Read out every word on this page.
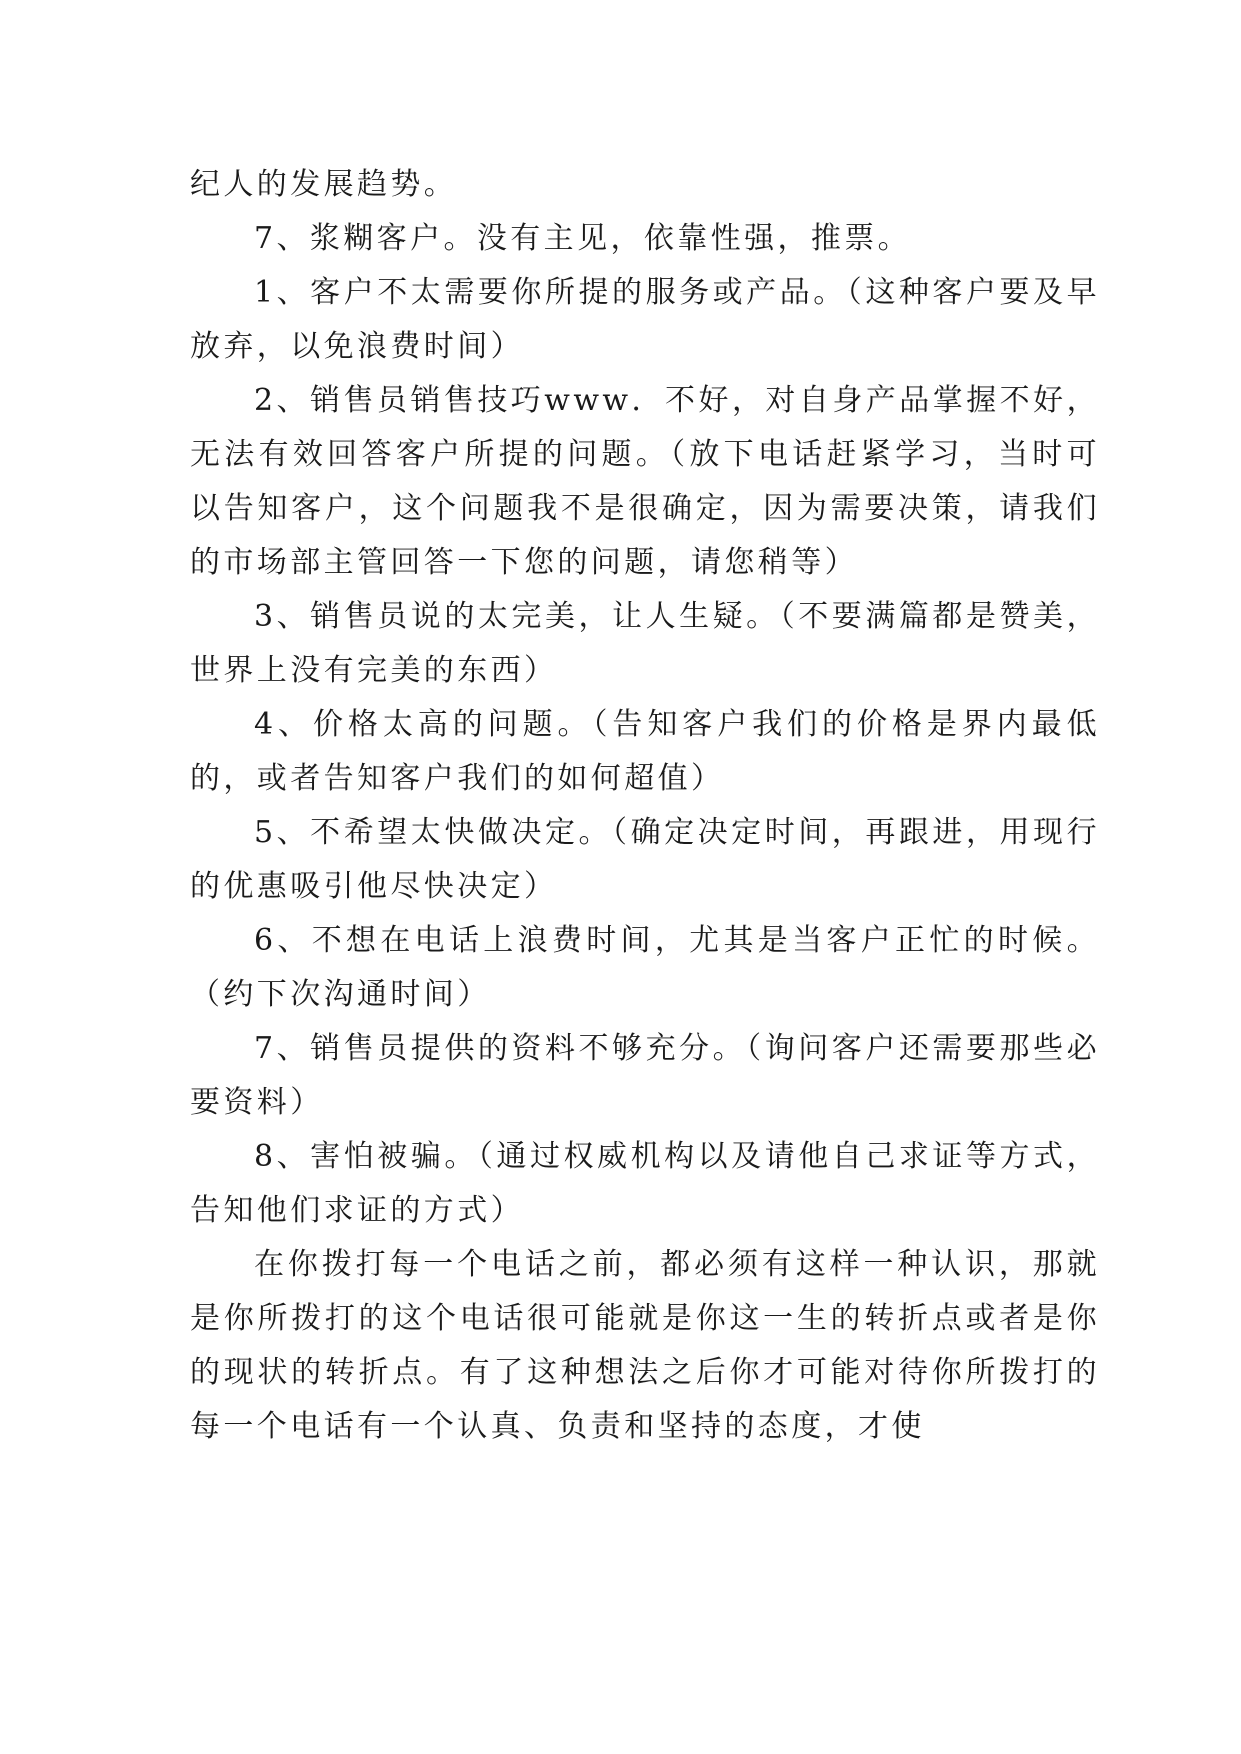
纪人的发展趋势。

7、浆糊客户。没有主见，依靠性强，推票。

1、客户不太需要你所提的服务或产品。（这种客户要及早放弃，以免浪费时间）

2、销售员销售技巧www．不好，对自身产品掌握不好，无法有效回答客户所提的问题。（放下电话赶紧学习，当时可以告知客户，这个问题我不是很确定，因为需要决策，请我们的市场部主管回答一下您的问题，请您稍等）

3、销售员说的太完美，让人生疑。（不要满篇都是赞美，世界上没有完美的东西）

4、价格太高的问题。（告知客户我们的价格是界内最低的，或者告知客户我们的如何超值）

5、不希望太快做决定。（确定决定时间，再跟进，用现行的优惠吸引他尽快决定）

6、不想在电话上浪费时间，尤其是当客户正忙的时候。（约下次沟通时间）

7、销售员提供的资料不够充分。（询问客户还需要那些必要资料）

8、害怕被骗。（通过权威机构以及请他自己求证等方式，告知他们求证的方式）

在你拨打每一个电话之前，都必须有这样一种认识，那就是你所拨打的这个电话很可能就是你这一生的转折点或者是你的现状的转折点。有了这种想法之后你才可能对待你所拨打的每一个电话有一个认真、负责和坚持的态度，才使
